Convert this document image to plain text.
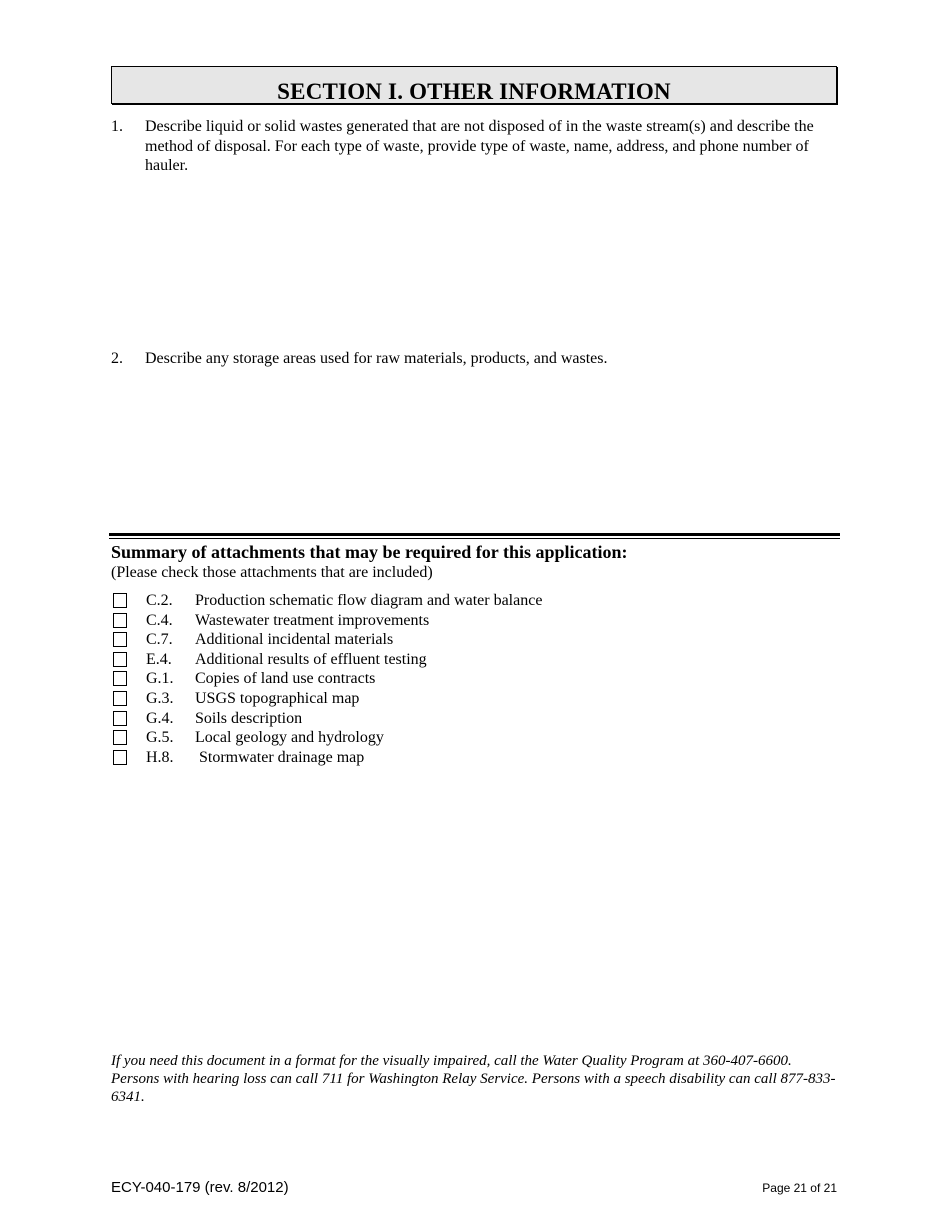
SECTION I. OTHER INFORMATION
1. Describe liquid or solid wastes generated that are not disposed of in the waste stream(s) and describe the method of disposal. For each type of waste, provide type of waste, name, address, and phone number of hauler.
2. Describe any storage areas used for raw materials, products, and wastes.
Summary of attachments that may be required for this application:
(Please check those attachments that are included)
C.2. Production schematic flow diagram and water balance
C.4. Wastewater treatment improvements
C.7. Additional incidental materials
E.4. Additional results of effluent testing
G.1. Copies of land use contracts
G.3. USGS topographical map
G.4. Soils description
G.5. Local geology and hydrology
H.8. Stormwater drainage map
If you need this document in a format for the visually impaired, call the Water Quality Program at 360-407-6600. Persons with hearing loss can call 711 for Washington Relay Service. Persons with a speech disability can call 877-833-6341.
ECY-040-179 (rev. 8/2012)	Page 21 of 21
